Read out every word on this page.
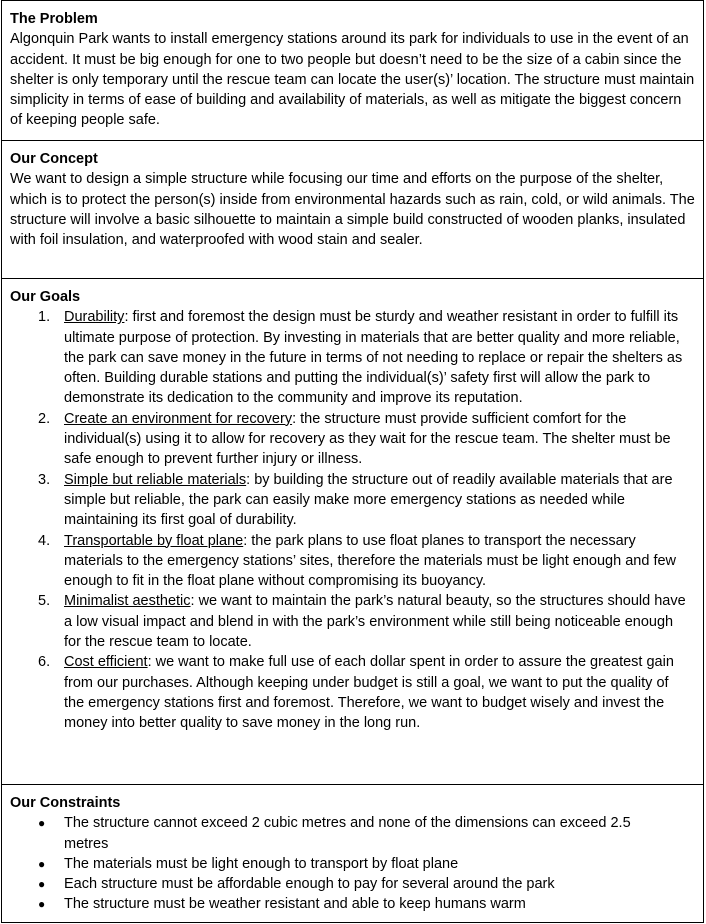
The Problem

Algonquin Park wants to install emergency stations around its park for individuals to use in the event of an accident. It must be big enough for one to two people but doesn’t need to be the size of a cabin since the shelter is only temporary until the rescue team can locate the user(s)’ location. The structure must maintain simplicity in terms of ease of building and availability of materials, as well as mitigate the biggest concern of keeping people safe.

Our Concept

We want to design a simple structure while focusing our time and efforts on the purpose of the shelter, which is to protect the person(s) inside from environmental hazards such as rain, cold, or wild animals. The structure will involve a basic silhouette to maintain a simple build constructed of wooden planks, insulated with foil insulation, and waterproofed with wood stain and sealer.

Our Goals

1. Durability: first and foremost the design must be sturdy and weather resistant in order to fulfill its ultimate purpose of protection. By investing in materials that are better quality and more reliable, the park can save money in the future in terms of not needing to replace or repair the shelters as often. Building durable stations and putting the individual(s)’ safety first will allow the park to demonstrate its dedication to the community and improve its reputation.
2. Create an environment for recovery: the structure must provide sufficient comfort for the individual(s) using it to allow for recovery as they wait for the rescue team. The shelter must be safe enough to prevent further injury or illness.
3. Simple but reliable materials: by building the structure out of readily available materials that are simple but reliable, the park can easily make more emergency stations as needed while maintaining its first goal of durability.
4. Transportable by float plane: the park plans to use float planes to transport the necessary materials to the emergency stations’ sites, therefore the materials must be light enough and few enough to fit in the float plane without compromising its buoyancy.
5. Minimalist aesthetic: we want to maintain the park’s natural beauty, so the structures should have a low visual impact and blend in with the park’s environment while still being noticeable enough for the rescue team to locate.
6. Cost efficient: we want to make full use of each dollar spent in order to assure the greatest gain from our purchases. Although keeping under budget is still a goal, we want to put the quality of the emergency stations first and foremost. Therefore, we want to budget wisely and invest the money into better quality to save money in the long run.

Our Constraints

● The structure cannot exceed 2 cubic metres and none of the dimensions can exceed 2.5 metres
● The materials must be light enough to transport by float plane
● Each structure must be affordable enough to pay for several around the park
● The structure must be weather resistant and able to keep humans warm
